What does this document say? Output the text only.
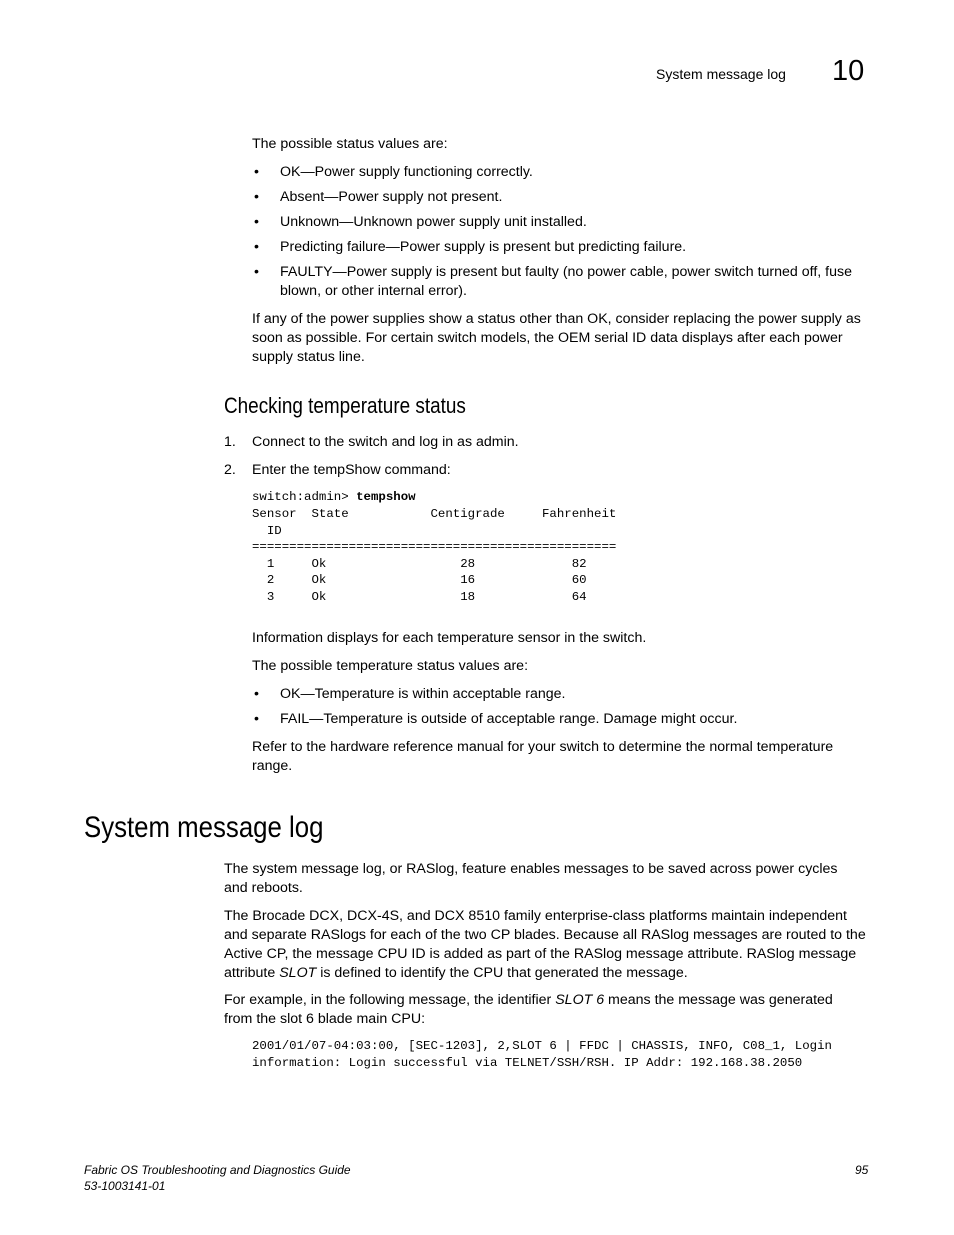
System message log 10
The possible status values are:
• OK—Power supply functioning correctly.
• Absent—Power supply not present.
• Unknown—Unknown power supply unit installed.
• Predicting failure—Power supply is present but predicting failure.
• FAULTY—Power supply is present but faulty (no power cable, power switch turned off, fuse blown, or other internal error).
If any of the power supplies show a status other than OK, consider replacing the power supply as soon as possible. For certain switch models, the OEM serial ID data displays after each power supply status line.
Checking temperature status
1. Connect to the switch and log in as admin.
2. Enter the tempShow command:
switch:admin> tempshow
Sensor  State           Centigrade     Fahrenheit
ID
=================================================
1     Ok                  28             82
2     Ok                  16             60
3     Ok                  18             64
Information displays for each temperature sensor in the switch.
The possible temperature status values are:
• OK—Temperature is within acceptable range.
• FAIL—Temperature is outside of acceptable range. Damage might occur.
Refer to the hardware reference manual for your switch to determine the normal temperature range.
System message log
The system message log, or RASlog, feature enables messages to be saved across power cycles and reboots.
The Brocade DCX, DCX-4S, and DCX 8510 family enterprise-class platforms maintain independent and separate RASlogs for each of the two CP blades. Because all RASlog messages are routed to the Active CP, the message CPU ID is added as part of the RASlog message attribute. RASlog message attribute SLOT is defined to identify the CPU that generated the message.
For example, in the following message, the identifier SLOT 6 means the message was generated from the slot 6 blade main CPU:
2001/01/07-04:03:00, [SEC-1203], 2,SLOT 6 | FFDC | CHASSIS, INFO, C08_1, Login
information: Login successful via TELNET/SSH/RSH. IP Addr: 192.168.38.2050
Fabric OS Troubleshooting and Diagnostics Guide
53-1003141-01
95
